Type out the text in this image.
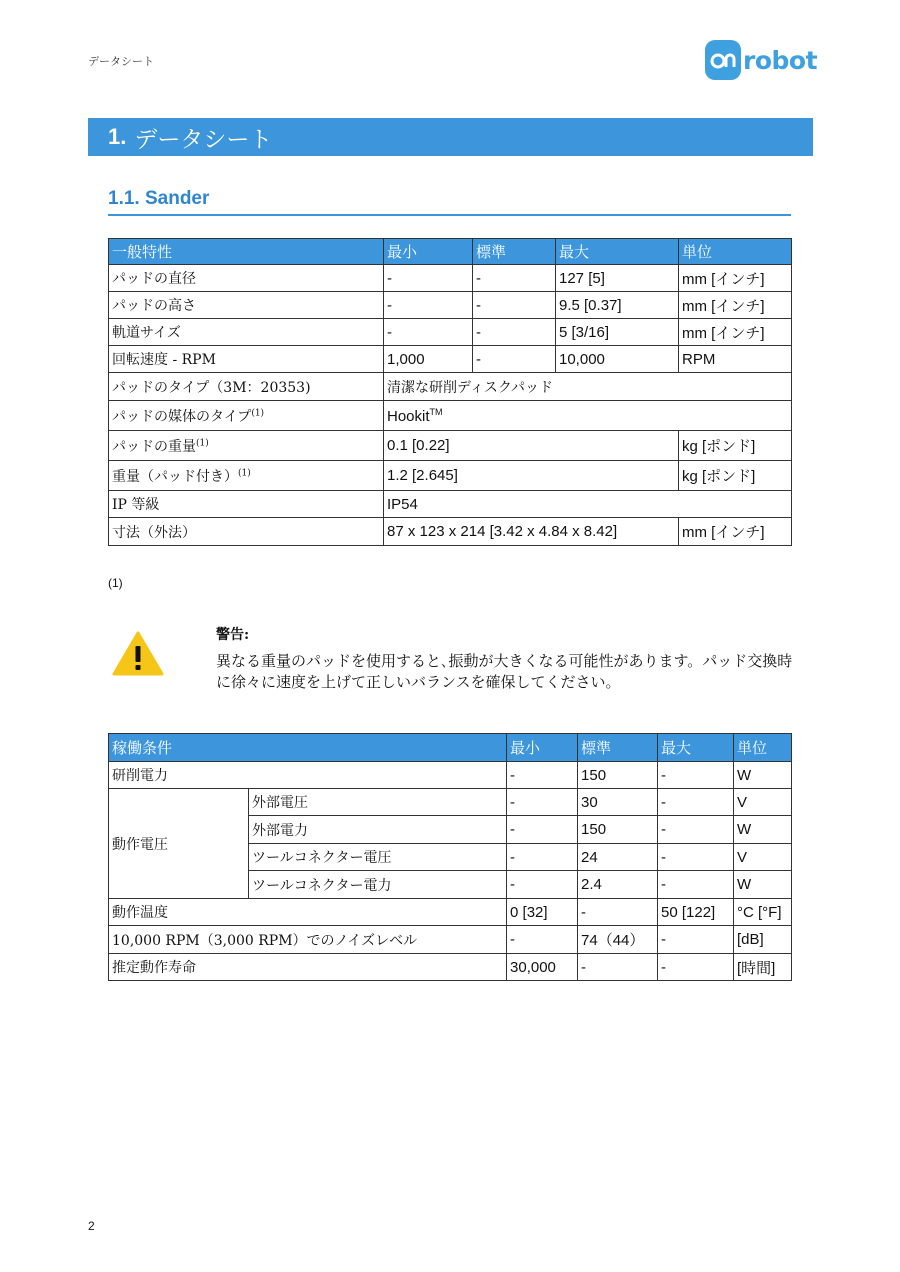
データシート	robot
1. データシート
1.1. Sander
一般特性	最小	標準	最大	単位
パッドの直径	-	-	127 [5]	mm [インチ]
パッドの高さ	-	-	9.5 [0.37]	mm [インチ]
軌道サイズ	-	-	5 [3/16]	mm [インチ]
回転速度 - RPM	1,000	-	10,000	RPM
パッドのタイプ（3M：20353)	清潔な研削ディスクパッド			
パッドの媒体のタイプ$^{(1)}$	Hookit™
パッドの重量$^{(1)}$	0.1 [0.22]			kg [ポンド]
重量（パッド付き）$^{(1)}$	1.2 [2.645]			kg [ポンド]
IP 等級	IP54			
寸法（外法）	87 x 123 x 214 [3.42 x 4.84 x 8.42]			mm [インチ]
(1)
警告:
異なる重量のパッドを使用すると､振動が大きくなる可能性があります。パッド交換時に徐々に速度を上げて正しいバランスを確保してください。
稼働条件		最小	標準	最大	単位
研削電力		-	150	-	W
動作電圧	外部電圧	-	30	-	V
	外部電力	-	150	-	W
	ツールコネクター電圧	-	24	-	V
	ツールコネクター電力	-	2.4	-	W
動作温度		0 [32]	-	50 [122]	°C [°F]
10,000 RPM（3,000 RPM）でのノイズレベル		-	74（44）	-	[dB]
推定動作寿命		30,000	-	-	[時間]
2
